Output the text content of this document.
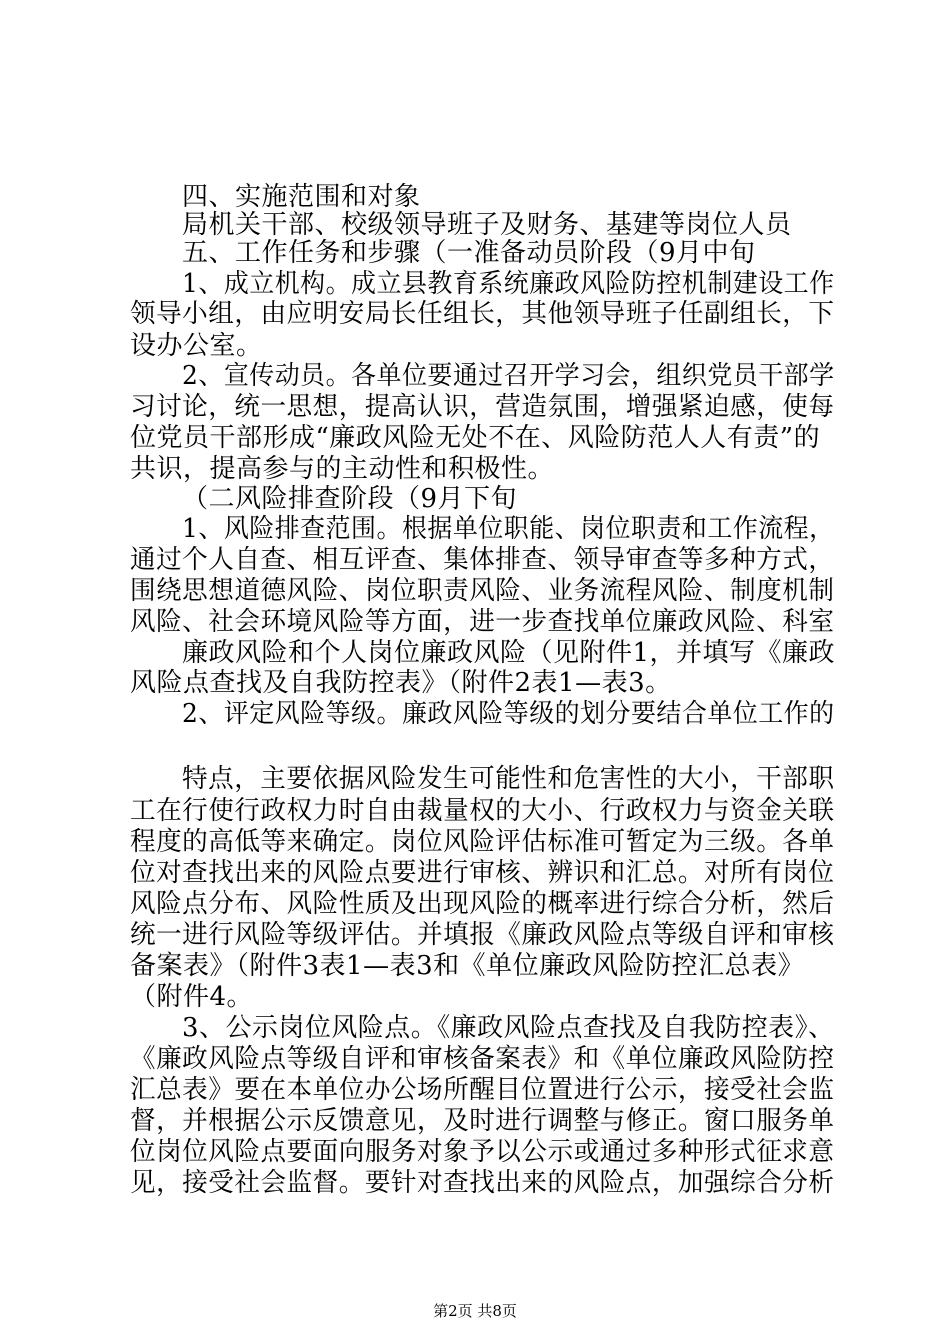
四、实施范围和对象
局机关干部、校级领导班子及财务、基建等岗位人员
五、工作任务和步骤（一准备动员阶段（9月中旬
1、成立机构。成立县教育系统廉政风险防控机制建设工作
领导小组，由应明安局长任组长，其他领导班子任副组长，下
设办公室。
2、宣传动员。各单位要通过召开学习会，组织党员干部学
习讨论，统一思想，提高认识，营造氛围，增强紧迫感，使每
位党员干部形成“廉政风险无处不在、风险防范人人有责”的
共识，提高参与的主动性和积极性。
（二风险排查阶段（9月下旬
1、风险排查范围。根据单位职能、岗位职责和工作流程，
通过个人自查、相互评查、集体排查、领导审查等多种方式，
围绕思想道德风险、岗位职责风险、业务流程风险、制度机制
风险、社会环境风险等方面，进一步查找单位廉政风险、科室
廉政风险和个人岗位廉政风险（见附件1，并填写《廉政
风险点查找及自我防控表》（附件2表1—表3。
2、评定风险等级。廉政风险等级的划分要结合单位工作的
特点，主要依据风险发生可能性和危害性的大小，干部职
工在行使行政权力时自由裁量权的大小、行政权力与资金关联
程度的高低等来确定。岗位风险评估标准可暂定为三级。各单
位对查找出来的风险点要进行审核、辨识和汇总。对所有岗位
风险点分布、风险性质及出现风险的概率进行综合分析，然后
统一进行风险等级评估。并填报《廉政风险点等级自评和审核
备案表》（附件3表1—表3和《单位廉政风险防控汇总表》
（附件4。
3、公示岗位风险点。《廉政风险点查找及自我防控表》、
《廉政风险点等级自评和审核备案表》和《单位廉政风险防控
汇总表》要在本单位办公场所醒目位置进行公示，接受社会监
督，并根据公示反馈意见，及时进行调整与修正。窗口服务单
位岗位风险点要面向服务对象予以公示或通过多种形式征求意
见，接受社会监督。要针对查找出来的风险点，加强综合分析
第2页 共8页
